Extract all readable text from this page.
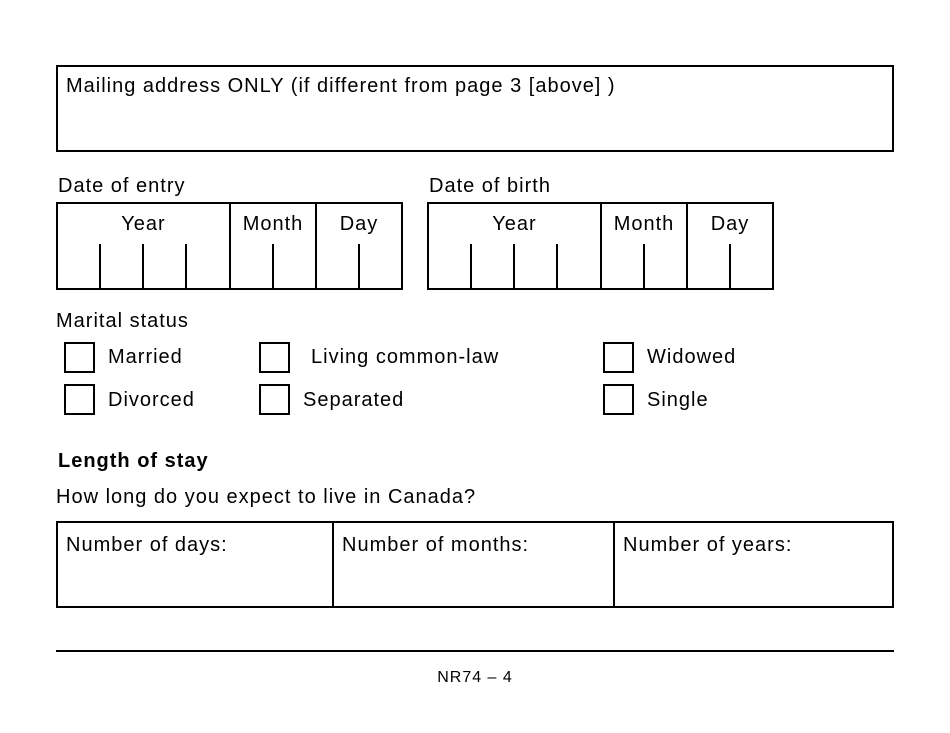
Mailing address ONLY (if different from page 3 [above] )
Date of entry
Year	Month	Day
Date of birth
Year	Month	Day
Marital status
Married	Living common-law	Widowed
Divorced	Separated	Single
Length of stay
How long do you expect to live in Canada?
Number of days:	Number of months:	Number of years:
NR74 – 4
